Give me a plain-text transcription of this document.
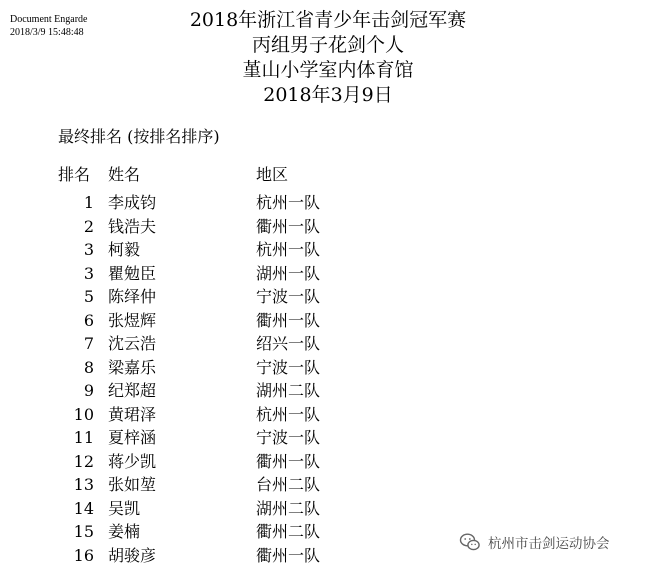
Document Engarde
2018/3/9 15:48:48
2018年浙江省青少年击剑冠军赛
丙组男子花剑个人
堇山小学室内体育馆
2018年3月9日
最终排名 (按排名排序)
排名 姓名	地区
1 李成钧	杭州一队
2 钱浩夫	衢州一队
3 柯毅	杭州一队
3 瞿勉臣	湖州一队
5 陈绎仲	宁波一队
6 张煜辉	衢州一队
7 沈云浩	绍兴一队
8 梁嘉乐	宁波一队
9 纪郑超	湖州二队
10 黄珺泽	杭州一队
11 夏梓涵	宁波一队
12 蒋少凯	衢州一队
13 张如堃	台州二队
14 吴凯	湖州二队
15 姜楠	衢州二队
16 胡骏彦	衢州一队
杭州市击剑运动协会
